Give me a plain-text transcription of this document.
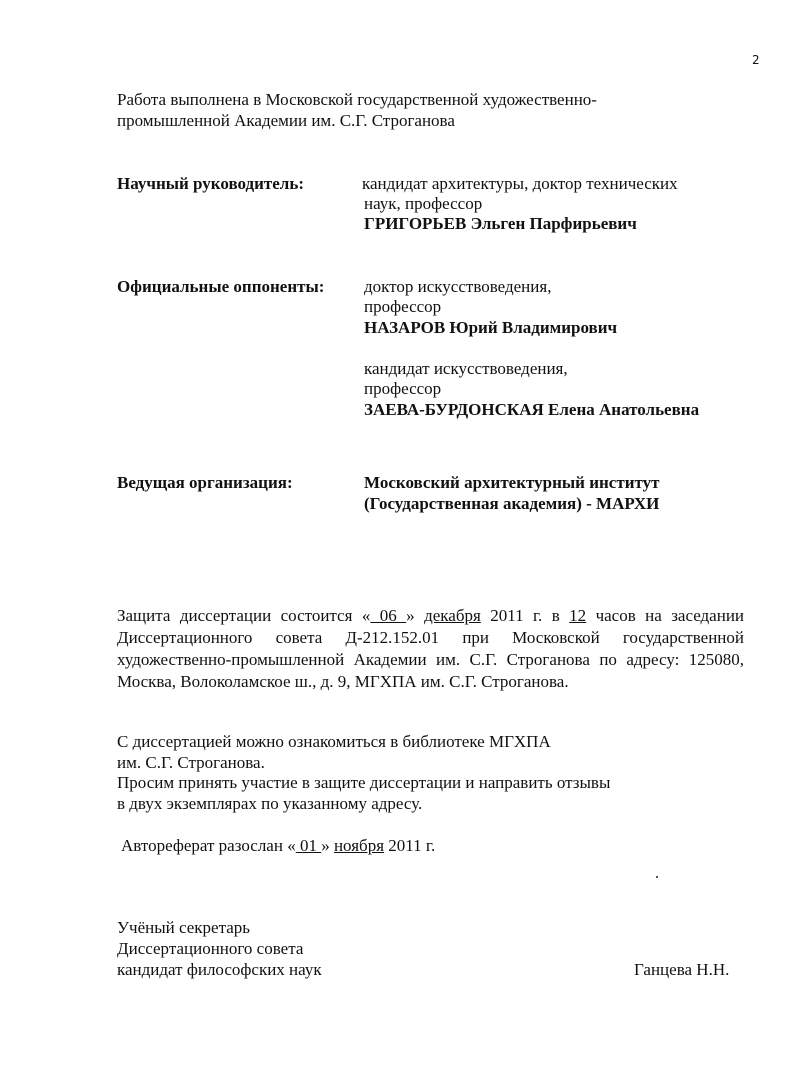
2
Работа выполнена в Московской государственной художественно-
промышленной Академии им. С.Г. Строганова
Научный руководитель:	кандидат архитектуры, доктор технических
наук, профессор
ГРИГОРЬЕВ Эльген Парфирьевич
Официальные оппоненты: доктор искусствоведения,
профессор
НАЗАРОВ Юрий Владимирович
кандидат искусствоведения,
профессор
ЗАЕВА-БУРДОНСКАЯ Елена Анатольевна
Ведущая организация:	Московский архитектурный институт
(Государственная академия) - МАРХИ
Защита диссертации состоится « 06 » декабря 2011 г. в 12 часов на заседании Диссертационного совета Д-212.152.01 при Московской государственной художественно-промышленной Академии им. С.Г. Строганова по адресу: 125080, Москва, Волоколамское ш., д. 9, МГХПА им. С.Г. Строганова.
С диссертацией можно ознакомиться в библиотеке МГХПА
им. С.Г. Строганова.
Просим принять участие в защите диссертации и направить отзывы
в двух экземплярах по указанному адресу.
Автореферат разослан « 01 » ноября 2011 г.
Учёный секретарь
Диссертационного совета
кандидат философских наук	Ганцева Н.Н.
